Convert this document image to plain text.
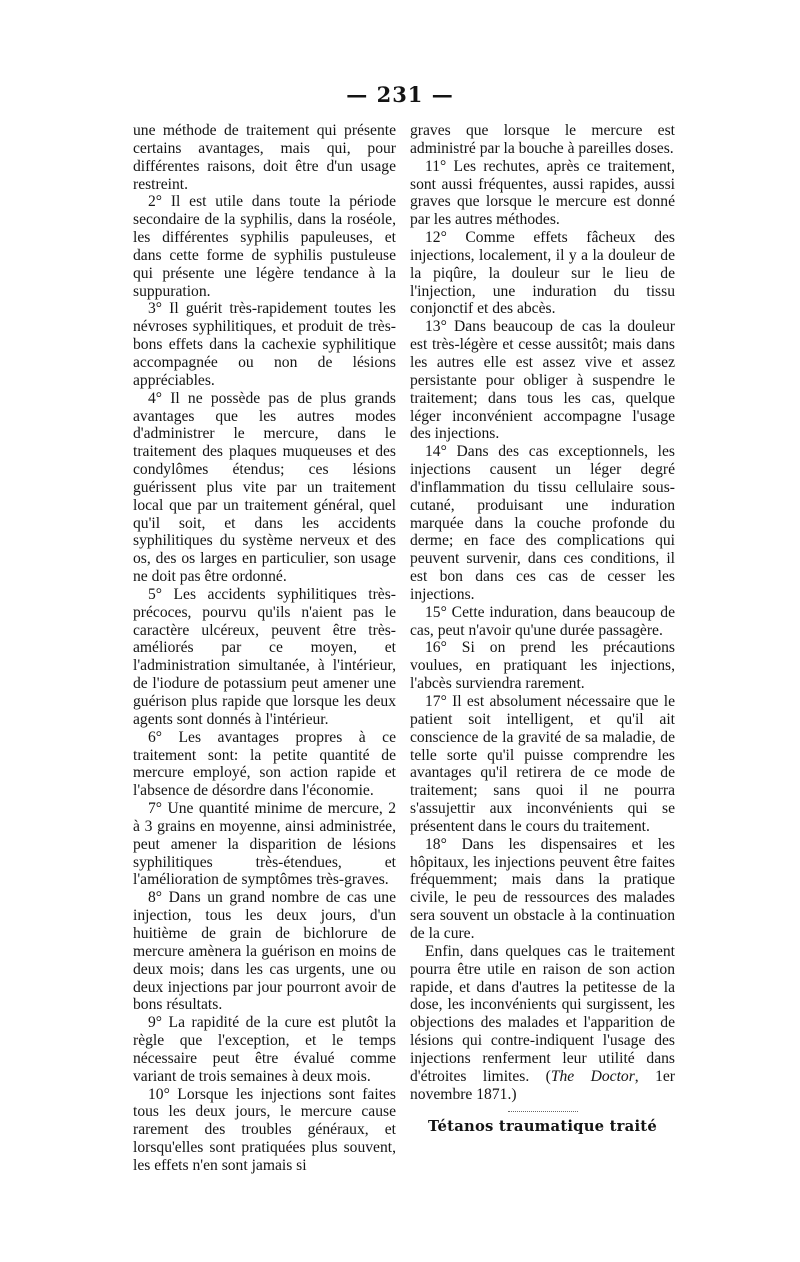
— 231 —

une méthode de traitement qui présente certains avantages, mais qui, pour différentes raisons, doit être d'un usage restreint.

2° Il est utile dans toute la période secondaire de la syphilis, dans la roséole, les différentes syphilis papuleuses, et dans cette forme de syphilis pustuleuse qui présente une légère tendance à la suppuration.

3° Il guérit très-rapidement toutes les névroses syphilitiques, et produit de très-bons effets dans la cachexie syphilitique accompagnée ou non de lésions appréciables.

4° Il ne possède pas de plus grands avantages que les autres modes d'administrer le mercure, dans le traitement des plaques muqueuses et des condylômes étendus; ces lésions guérissent plus vite par un traitement local que par un traitement général, quel qu'il soit, et dans les accidents syphilitiques du système nerveux et des os, des os larges en particulier, son usage ne doit pas être ordonné.

5° Les accidents syphilitiques très-précoces, pourvu qu'ils n'aient pas le caractère ulcéreux, peuvent être très-améliorés par ce moyen, et l'administration simultanée, à l'intérieur, de l'iodure de potassium peut amener une guérison plus rapide que lorsque les deux agents sont donnés à l'intérieur.

6° Les avantages propres à ce traitement sont: la petite quantité de mercure employé, son action rapide et l'absence de désordre dans l'économie.

7° Une quantité minime de mercure, 2 à 3 grains en moyenne, ainsi administrée, peut amener la disparition de lésions syphilitiques très-étendues, et l'amélioration de symptômes très-graves.

8° Dans un grand nombre de cas une injection, tous les deux jours, d'un huitième de grain de bichlorure de mercure amènera la guérison en moins de deux mois; dans les cas urgents, une ou deux injections par jour pourront avoir de bons résultats.

9° La rapidité de la cure est plutôt la règle que l'exception, et le temps nécessaire peut être évalué comme variant de trois semaines à deux mois.

10° Lorsque les injections sont faites tous les deux jours, le mercure cause rarement des troubles généraux, et lorsqu'elles sont pratiquées plus souvent, les effets n'en sont jamais si

graves que lorsque le mercure est administré par la bouche à pareilles doses.

11° Les rechutes, après ce traitement, sont aussi fréquentes, aussi rapides, aussi graves que lorsque le mercure est donné par les autres méthodes.

12° Comme effets fâcheux des injections, localement, il y a la douleur de la piqûre, la douleur sur le lieu de l'injection, une induration du tissu conjonctif et des abcès.

13° Dans beaucoup de cas la douleur est très-légère et cesse aussitôt; mais dans les autres elle est assez vive et assez persistante pour obliger à suspendre le traitement; dans tous les cas, quelque léger inconvénient accompagne l'usage des injections.

14° Dans des cas exceptionnels, les injections causent un léger degré d'inflammation du tissu cellulaire sous-cutané, produisant une induration marquée dans la couche profonde du derme; en face des complications qui peuvent survenir, dans ces conditions, il est bon dans ces cas de cesser les injections.

15° Cette induration, dans beaucoup de cas, peut n'avoir qu'une durée passagère.

16° Si on prend les précautions voulues, en pratiquant les injections, l'abcès surviendra rarement.

17° Il est absolument nécessaire que le patient soit intelligent, et qu'il ait conscience de la gravité de sa maladie, de telle sorte qu'il puisse comprendre les avantages qu'il retirera de ce mode de traitement; sans quoi il ne pourra s'assujettir aux inconvénients qui se présentent dans le cours du traitement.

18° Dans les dispensaires et les hôpitaux, les injections peuvent être faites fréquemment; mais dans la pratique civile, le peu de ressources des malades sera souvent un obstacle à la continuation de la cure.

Enfin, dans quelques cas le traitement pourra être utile en raison de son action rapide, et dans d'autres la petitesse de la dose, les inconvénients qui surgissent, les objections des malades et l'apparition de lésions qui contre-indiquent l'usage des injections renferment leur utilité dans d'étroites limites. (The Doctor, 1er novembre 1871.)

Tétanos traumatique traité
